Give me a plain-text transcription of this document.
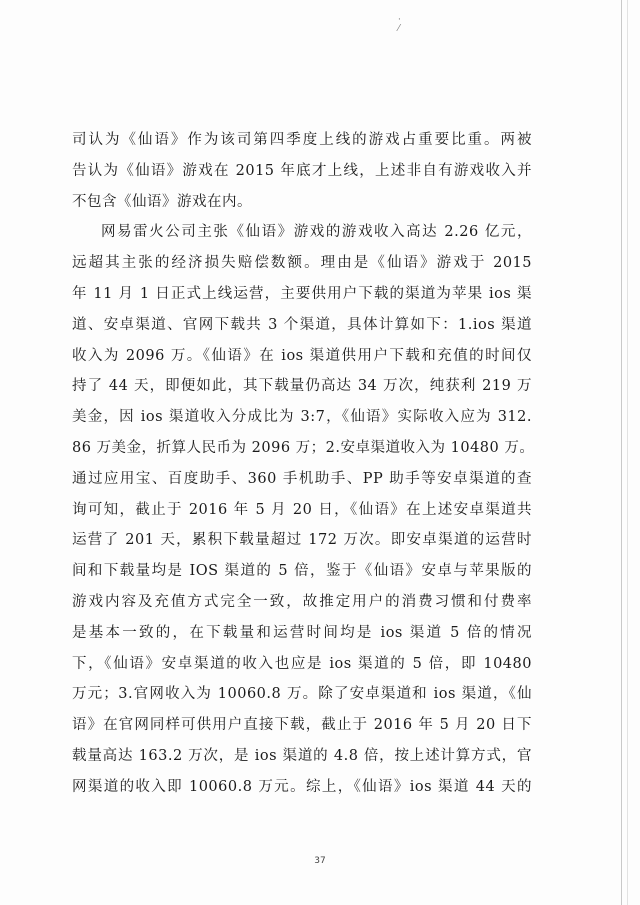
·
⁄
司认为《仙语》作为该司第四季度上线的游戏占重要比重。两被
告认为《仙语》游戏在 2015 年底才上线，上述非自有游戏收入并
不包含《仙语》游戏在内。
网易雷火公司主张《仙语》游戏的游戏收入高达 2.26 亿元，
远超其主张的经济损失赔偿数额。理由是《仙语》游戏于 2015
年 11 月 1 日正式上线运营，主要供用户下载的渠道为苹果 ios 渠
道、安卓渠道、官网下载共 3 个渠道，具体计算如下：1.ios 渠道
收入为 2096 万。《仙语》在 ios 渠道供用户下载和充值的时间仅
持了 44 天，即便如此，其下载量仍高达 34 万次，纯获利 219 万
美金，因 ios 渠道收入分成比为 3:7，《仙语》实际收入应为 312.
86 万美金，折算人民币为 2096 万；2.安卓渠道收入为 10480 万。
通过应用宝、百度助手、360 手机助手、PP 助手等安卓渠道的查
询可知，截止于 2016 年 5 月 20 日，《仙语》在上述安卓渠道共
运营了 201 天，累积下载量超过 172 万次。即安卓渠道的运营时
间和下载量均是 IOS 渠道的 5 倍，鉴于《仙语》安卓与苹果版的
游戏内容及充值方式完全一致，故推定用户的消费习惯和付费率
是基本一致的，在下载量和运营时间均是 ios 渠道 5 倍的情况
下，《仙语》安卓渠道的收入也应是 ios 渠道的 5 倍，即 10480
万元；3.官网收入为 10060.8 万。除了安卓渠道和 ios 渠道，《仙
语》在官网同样可供用户直接下载，截止于 2016 年 5 月 20 日下
载量高达 163.2 万次，是 ios 渠道的 4.8 倍，按上述计算方式，官
网渠道的收入即 10060.8 万元。综上，《仙语》ios 渠道 44 天的
37
